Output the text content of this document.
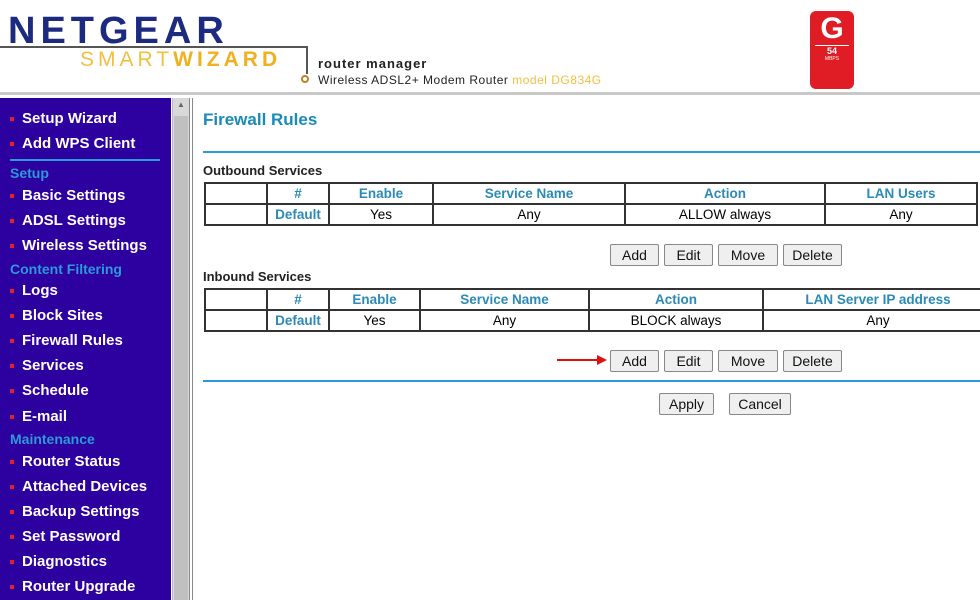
NETGEAR
SMARTWIZARD	router manager
Wireless ADSL2+ Modem Router model DG834G
G
54
MBPS
Setup Wizard
Add WPS Client
Setup
Basic Settings
ADSL Settings
Wireless Settings
Content Filtering
Logs
Block Sites
Firewall Rules
Services
Schedule
E-mail
Maintenance
Router Status
Attached Devices
Backup Settings
Set Password
Diagnostics
Router Upgrade
▲
Firewall Rules
Outbound Services
	#	Enable	Service Name	Action	LAN Users
	Default	Yes	Any	ALLOW always	Any
Add	Edit	Move	Delete
Inbound Services
	#	Enable	Service Name	Action	LAN Server IP address
	Default	Yes	Any	BLOCK always	Any
Add	Edit	Move	Delete
Apply	Cancel
